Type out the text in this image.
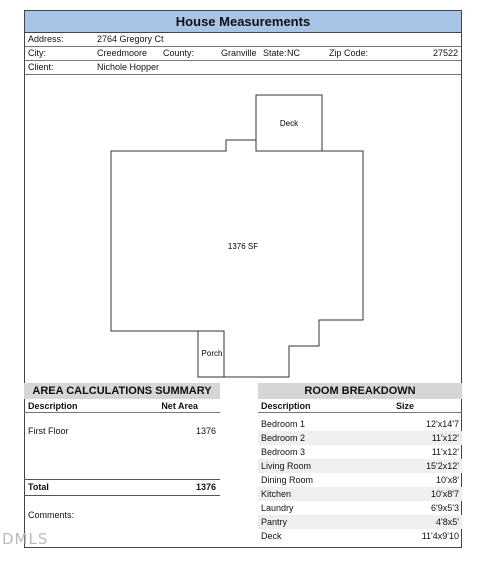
House Measurements
Address:	2764 Gregory Ct
City:	Creedmoore County:	Granville State: NC	Zip Code:	27522
Client:	Nichole Hopper
Deck
1376 SF
Porch
AREA CALCULATIONS SUMMARY
Description	Net Area
First Floor	1376
Total	1376
Comments:
ROOM BREAKDOWN
Description	Size
Bedroom 1	12'x14'7
Bedroom 2	11'x12'
Bedroom 3	11'x12'
Living Room	15'2x12'
Dining Room	10'x8'
Kitchen	10'x8'7
Laundry	6'9x5'3
Pantry	4'8x5'
Deck	11'4x9'10
DMLS
